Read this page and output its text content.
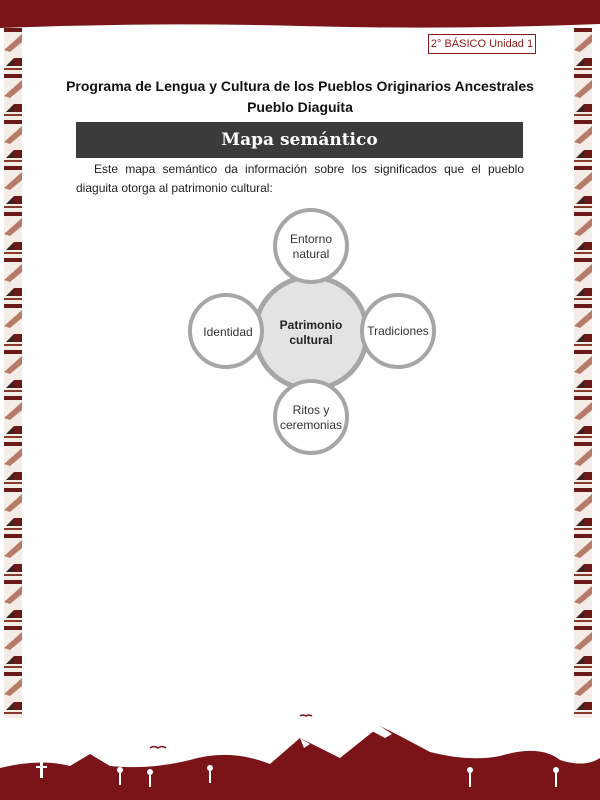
2° BÁSICO Unidad 1
Programa de Lengua y Cultura de los Pueblos Originarios Ancestrales
Pueblo Diaguita
Mapa semántico

Este mapa semántico da información sobre los significados que el pueblo diaguita otorga al patrimonio cultural:

Patrimonio
cultural
Entorno
natural
Identidad	Tradiciones
Ritos y
ceremonias
